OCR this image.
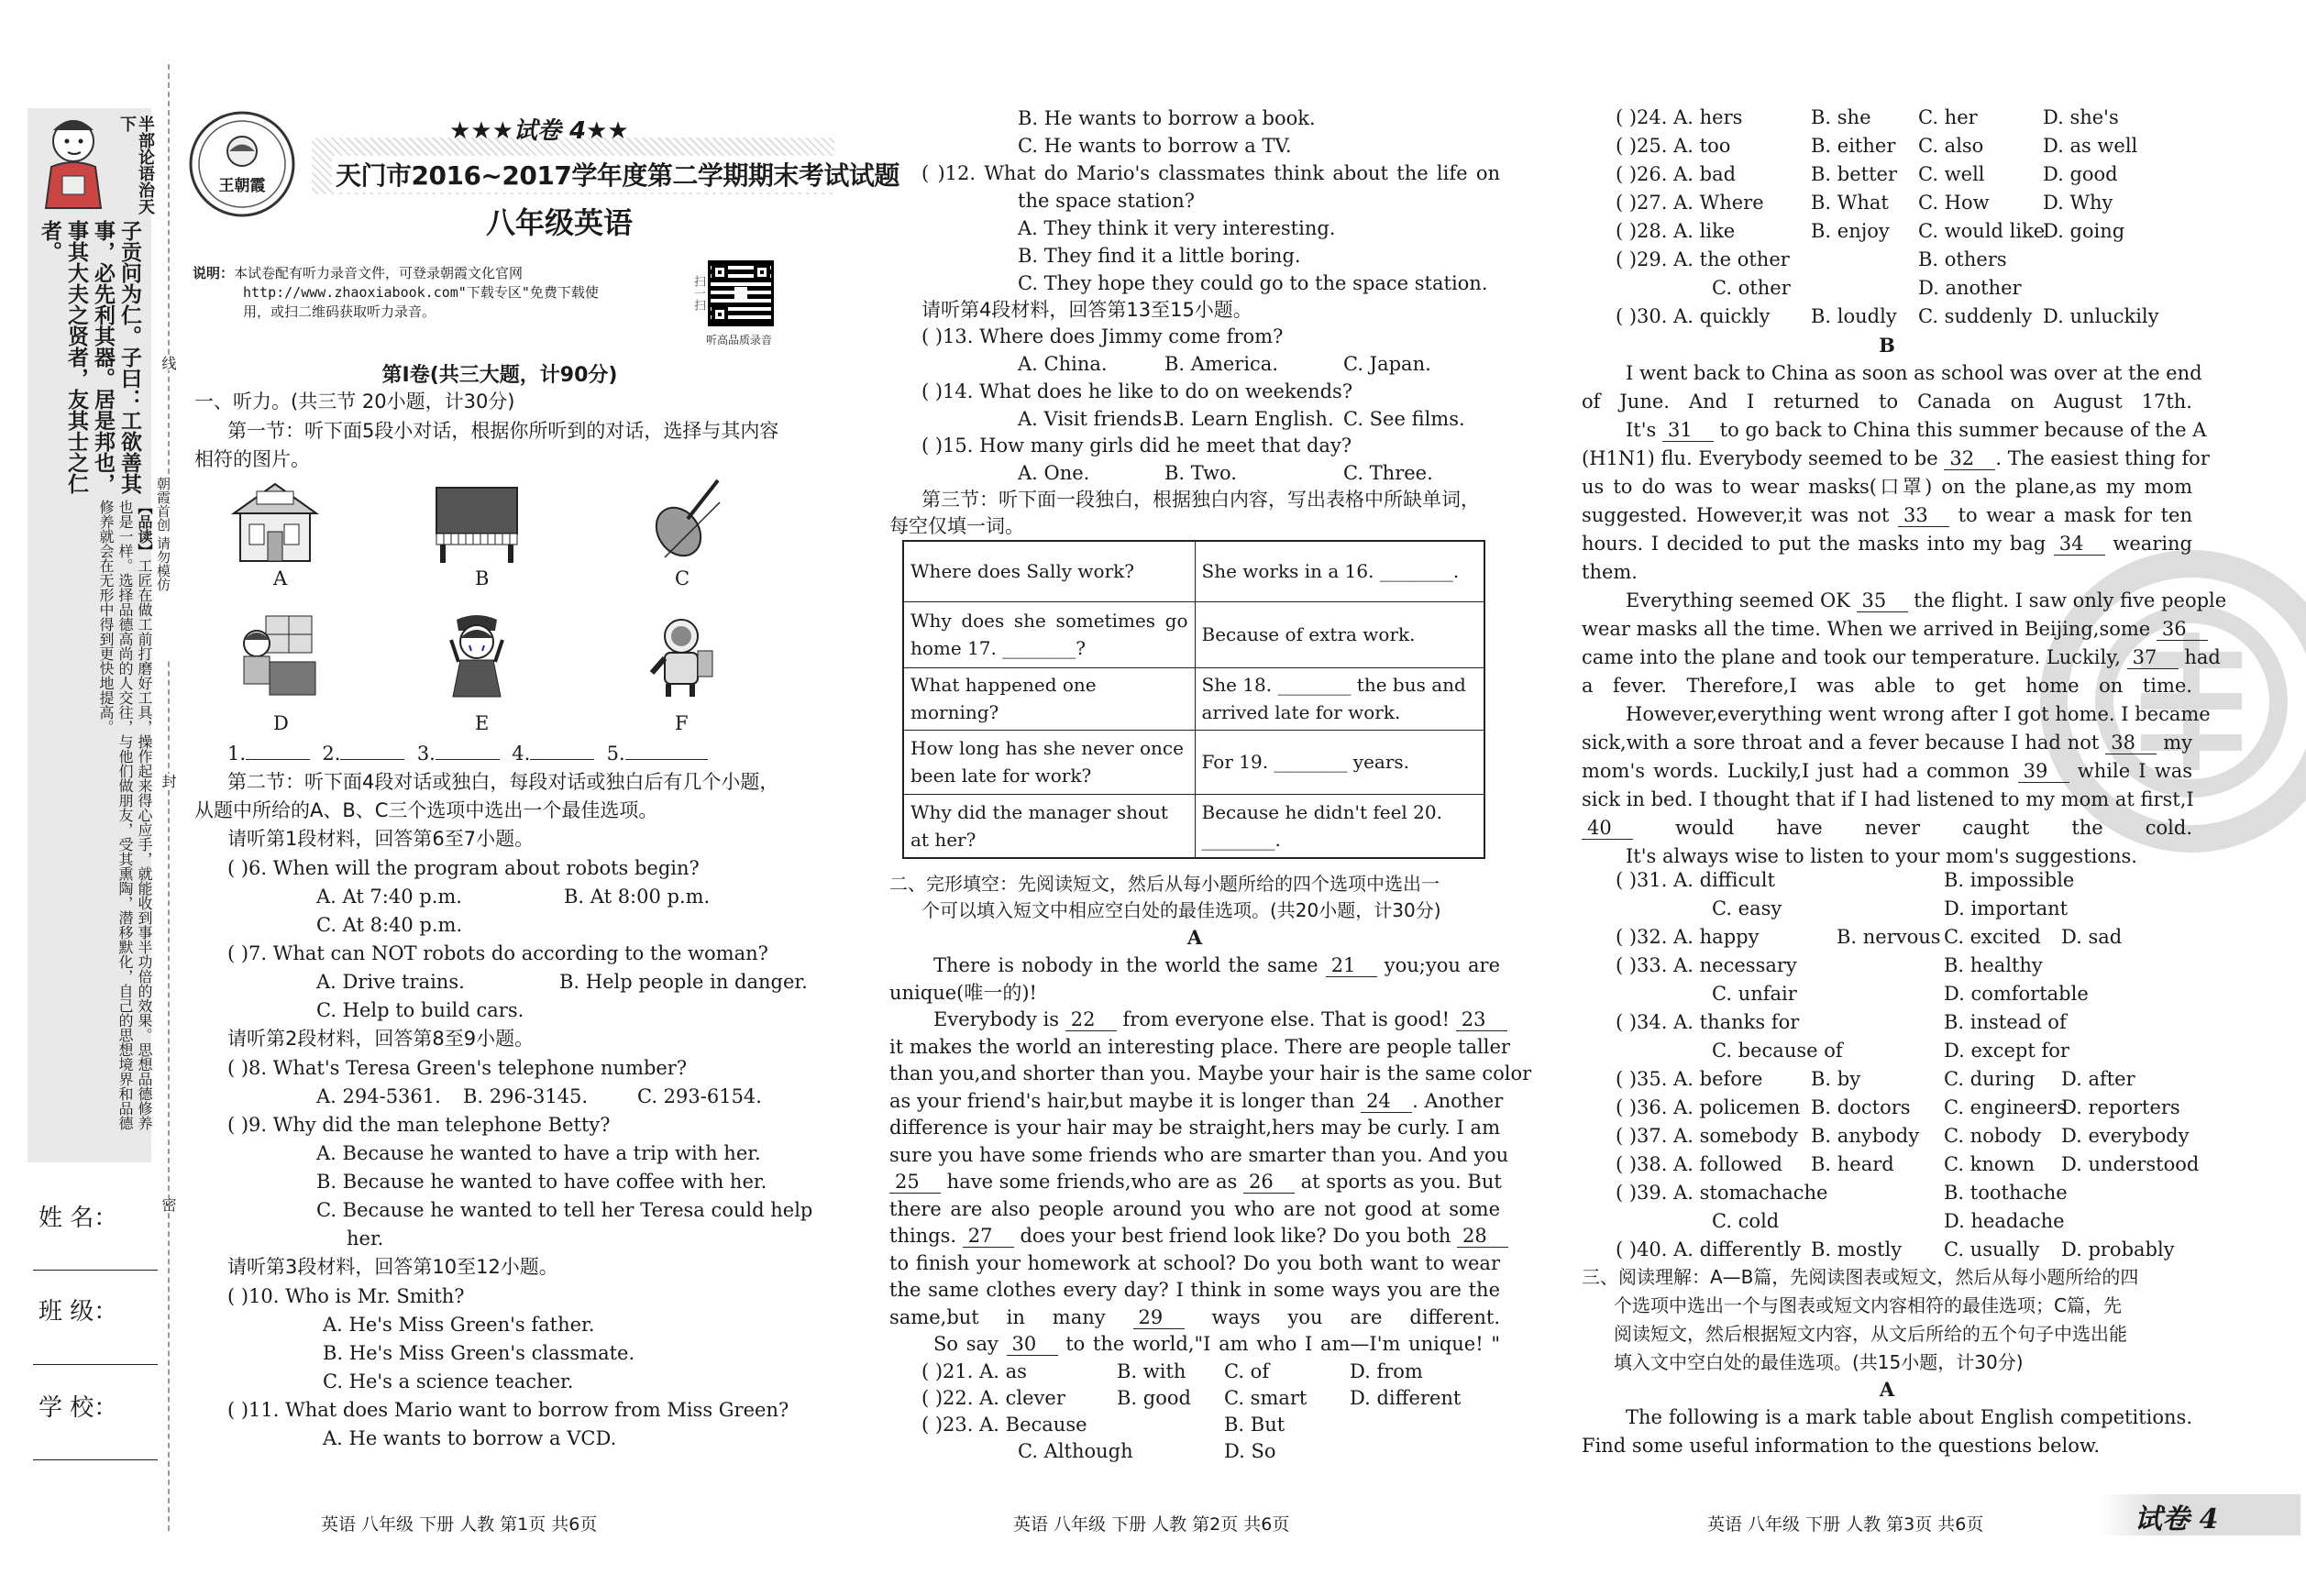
半部论语治天下
子贡问为仁。子曰：工欲善其事，必先利其器。居是邦也，事其大夫之贤者，友其士之仁者。
【品读】工匠在做工前打磨好工具，操作起来得心应手，就能收到事半功倍的效果。思想品德修养也是一样。选择品德高尚的人交往，与他们做朋友，受其熏陶，潜移默化，自己的思想境界和品德修养就会在无形中得到更快地提高。
姓 名：
班 级：
学 校：
线
朝霞首创 请勿模仿
封
密
王朝霞
★★★试卷 4★★
天门市2016~2017学年度第二学期期末考试试题
八年级英语
说明：本试卷配有听力录音文件，可登录朝霞文化官网
http://www.zhaoxiabook.com"下载专区"免费下载使
用，或扫二维码获取听力录音。
扫一扫
听高品质录音
第Ⅰ卷(共三大题，计90分)
一、听力。(共三节 20小题，计30分)
第一节：听下面5段小对话，根据你所听到的对话，选择与其内容
相符的图片。
A	B	C
D	E	F
1.	2.	3.	4.	5.
第二节：听下面4段对话或独白，每段对话或独白后有几个小题，
从题中所给的A、B、C三个选项中选出一个最佳选项。
请听第1段材料，回答第6至7小题。
( )6. When will the program about robots begin?
A. At 7:40 p.m.	B. At 8:00 p.m.
C. At 8:40 p.m.
( )7. What can NOT robots do according to the woman?
A. Drive trains.	B. Help people in danger.
C. Help to build cars.
请听第2段材料，回答第8至9小题。
( )8. What's Teresa Green's telephone number?
A. 294-5361. B. 296-3145.	C. 293-6154.
( )9. Why did the man telephone Betty?
A. Because he wanted to have a trip with her.
B. Because he wanted to have coffee with her.
C. Because he wanted to tell her Teresa could help
her.
请听第3段材料，回答第10至12小题。
( )10. Who is Mr. Smith?
A. He's Miss Green's father.
B. He's Miss Green's classmate.
C. He's a science teacher.
( )11. What does Mario want to borrow from Miss Green?
A. He wants to borrow a VCD.
英语 八年级 下册 人教 第1页 共6页
B. He wants to borrow a book.
C. He wants to borrow a TV.
( )12. What do Mario's classmates think about the life on
the space station?
A. They think it very interesting.
B. They find it a little boring.
C. They hope they could go to the space station.
请听第4段材料，回答第13至15小题。
( )13. Where does Jimmy come from?
A. China.	B. America.	C. Japan.
( )14. What does he like to do on weekends?
A. Visit friends.
B. Learn English. C. See films.
( )15. How many girls did he meet that day?
A. One.	B. Two.	C. Three.
第三节：听下面一段独白，根据独白内容，写出表格中所缺单词，
每空仅填一词。
Where does Sally work?	She works in a 16. ________.
Why does she sometimes go home 17. ________?	Because of extra work.
What happened one morning?	She 18. ________ the bus and arrived late for work.
How long has she never once been late for work?	For 19. ________ years.
Why did the manager shout at her?	Because he didn't feel 20. ________.
二、完形填空：先阅读短文，然后从每小题所给的四个选项中选出一
个可以填入短文中相应空白处的最佳选项。(共20小题，计30分)
A
There is nobody in the world the same 21 you;you are
unique(唯一的)!
Everybody is 22 from everyone else. That is good! 23
it makes the world an interesting place. There are people taller
than you,and shorter than you. Maybe your hair is the same color
as your friend's hair,but maybe it is longer than 24 . Another
difference is your hair may be straight,hers may be curly. I am
sure you have some friends who are smarter than you. And you
25 have some friends,who are as 26 at sports as you. But
there are also people around you who are not good at some
things. 27 does your best friend look like? Do you both 28
to finish your homework at school? Do you both want to wear
the same clothes every day? I think in some ways you are the
same,but in many 29 ways you are different.
So say 30 to the world,"I am who I am—I'm unique! "
( )21. A. as	B. with C. of	D. from
( )22. A. clever	B. good C. smart D. different
( )23. A. Because	B. But
C. Although	D. So
英语 八年级 下册 人教 第2页 共6页
( )24. A. hers	B. she C. her	D. she's
( )25. A. too	B. either C. also	D. as well
( )26. A. bad	B. better C. well	D. good
( )27. A. Where B. What C. How	D. Why
( )28. A. like	B. enjoy C. would like
D. going
( )29. A. the other	B. others
C. other	D. another
( )30. A. quickly B. loudly C. suddenly D. unluckily
B
I went back to China as soon as school was over at the end
of June. And I returned to Canada on August 17th.
It's 31 to go back to China this summer because of the A
(H1N1) flu. Everybody seemed to be 32 . The easiest thing for
us to do was to wear masks(口罩) on the plane,as my mom
suggested. However,it was not 33 to wear a mask for ten
hours. I decided to put the masks into my bag 34 wearing
them.
Everything seemed OK 35 the flight. I saw only five people
wear masks all the time. When we arrived in Beijing,some 36
came into the plane and took our temperature. Luckily, 37 had
a fever. Therefore,I was able to get home on time.
However,everything went wrong after I got home. I became
sick,with a sore throat and a fever because I had not 38 my
mom's words. Luckily,I just had a common 39 while I was
sick in bed. I thought that if I had listened to my mom at first,I
40 would have never caught the cold.
It's always wise to listen to your mom's suggestions.
( )31. A. difficult	B. impossible
C. easy	D. important
( )32. A. happy	B. nervous C. excited D. sad
( )33. A. necessary	B. healthy
C. unfair	D. comfortable
( )34. A. thanks for	B. instead of
C. because of	D. except for
( )35. A. before	B. by	C. during D. after
( )36. A. policemen B. doctors C. engineers
D. reporters
( )37. A. somebody B. anybody C. nobody D. everybody
( )38. A. followed B. heard	C. known D. understood
( )39. A. stomachache	B. toothache
C. cold	D. headache
( )40. A. differently B. mostly C. usually D. probably
三、阅读理解：A—B篇，先阅读图表或短文，然后从每小题所给的四
个选项中选出一个与图表或短文内容相符的最佳选项；C篇，先
阅读短文，然后根据短文内容，从文后所给的五个句子中选出能
填入文中空白处的最佳选项。(共15小题，计30分)
A
The following is a mark table about English competitions.
Find some useful information to the questions below.
英语 八年级 下册 人教 第3页 共6页	试卷 4
